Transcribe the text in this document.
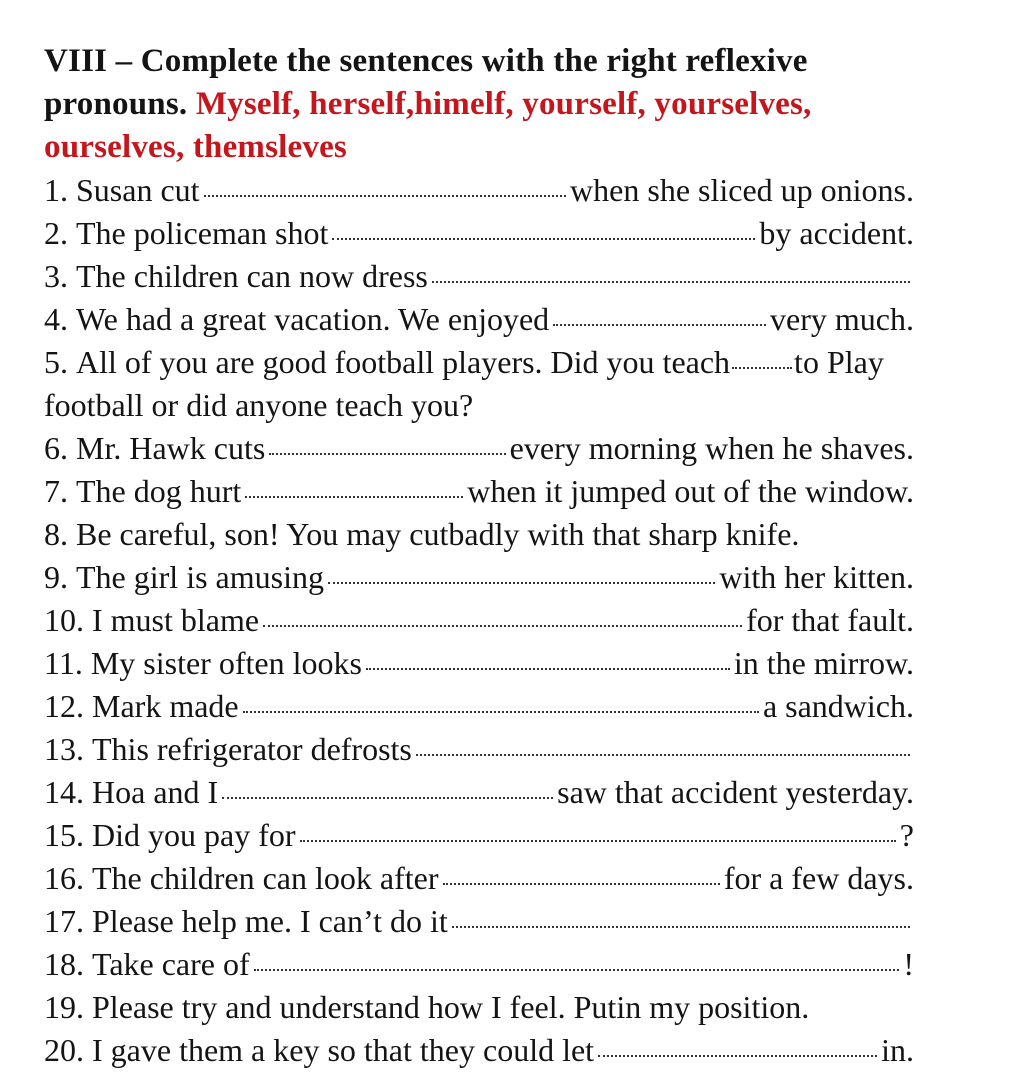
VIII – Complete the sentences with the right reflexive pronouns. Myself, herself,himelf, yourself, yourselves, ourselves, themsleves
1. Susan cut	when she sliced up onions.
2. The policeman shot	by accident.
3. The children can now dress
4. We had a great vacation. We enjoyed	very much.
5. All of you are good football players. Did you teach to Play football or did anyone teach you?
6. Mr. Hawk cuts	every morning when he shaves.
7. The dog hurt	when it jumped out of the window.
8. Be careful, son! You may cutbadly with that sharp knife.
9. The girl is amusing	with her kitten.
10. I must blame	for that fault.
11. My sister often looks	in the mirrow.
12. Mark made	a sandwich.
13. This refrigerator defrosts
14. Hoa and I	saw that accident yesterday.
15. Did you pay for	?
16. The children can look after	for a few days.
17. Please help me. I can’t do it
18. Take care of	!
19. Please try and understand how I feel. Putin my position.
20. I gave them a key so that they could let	in.
